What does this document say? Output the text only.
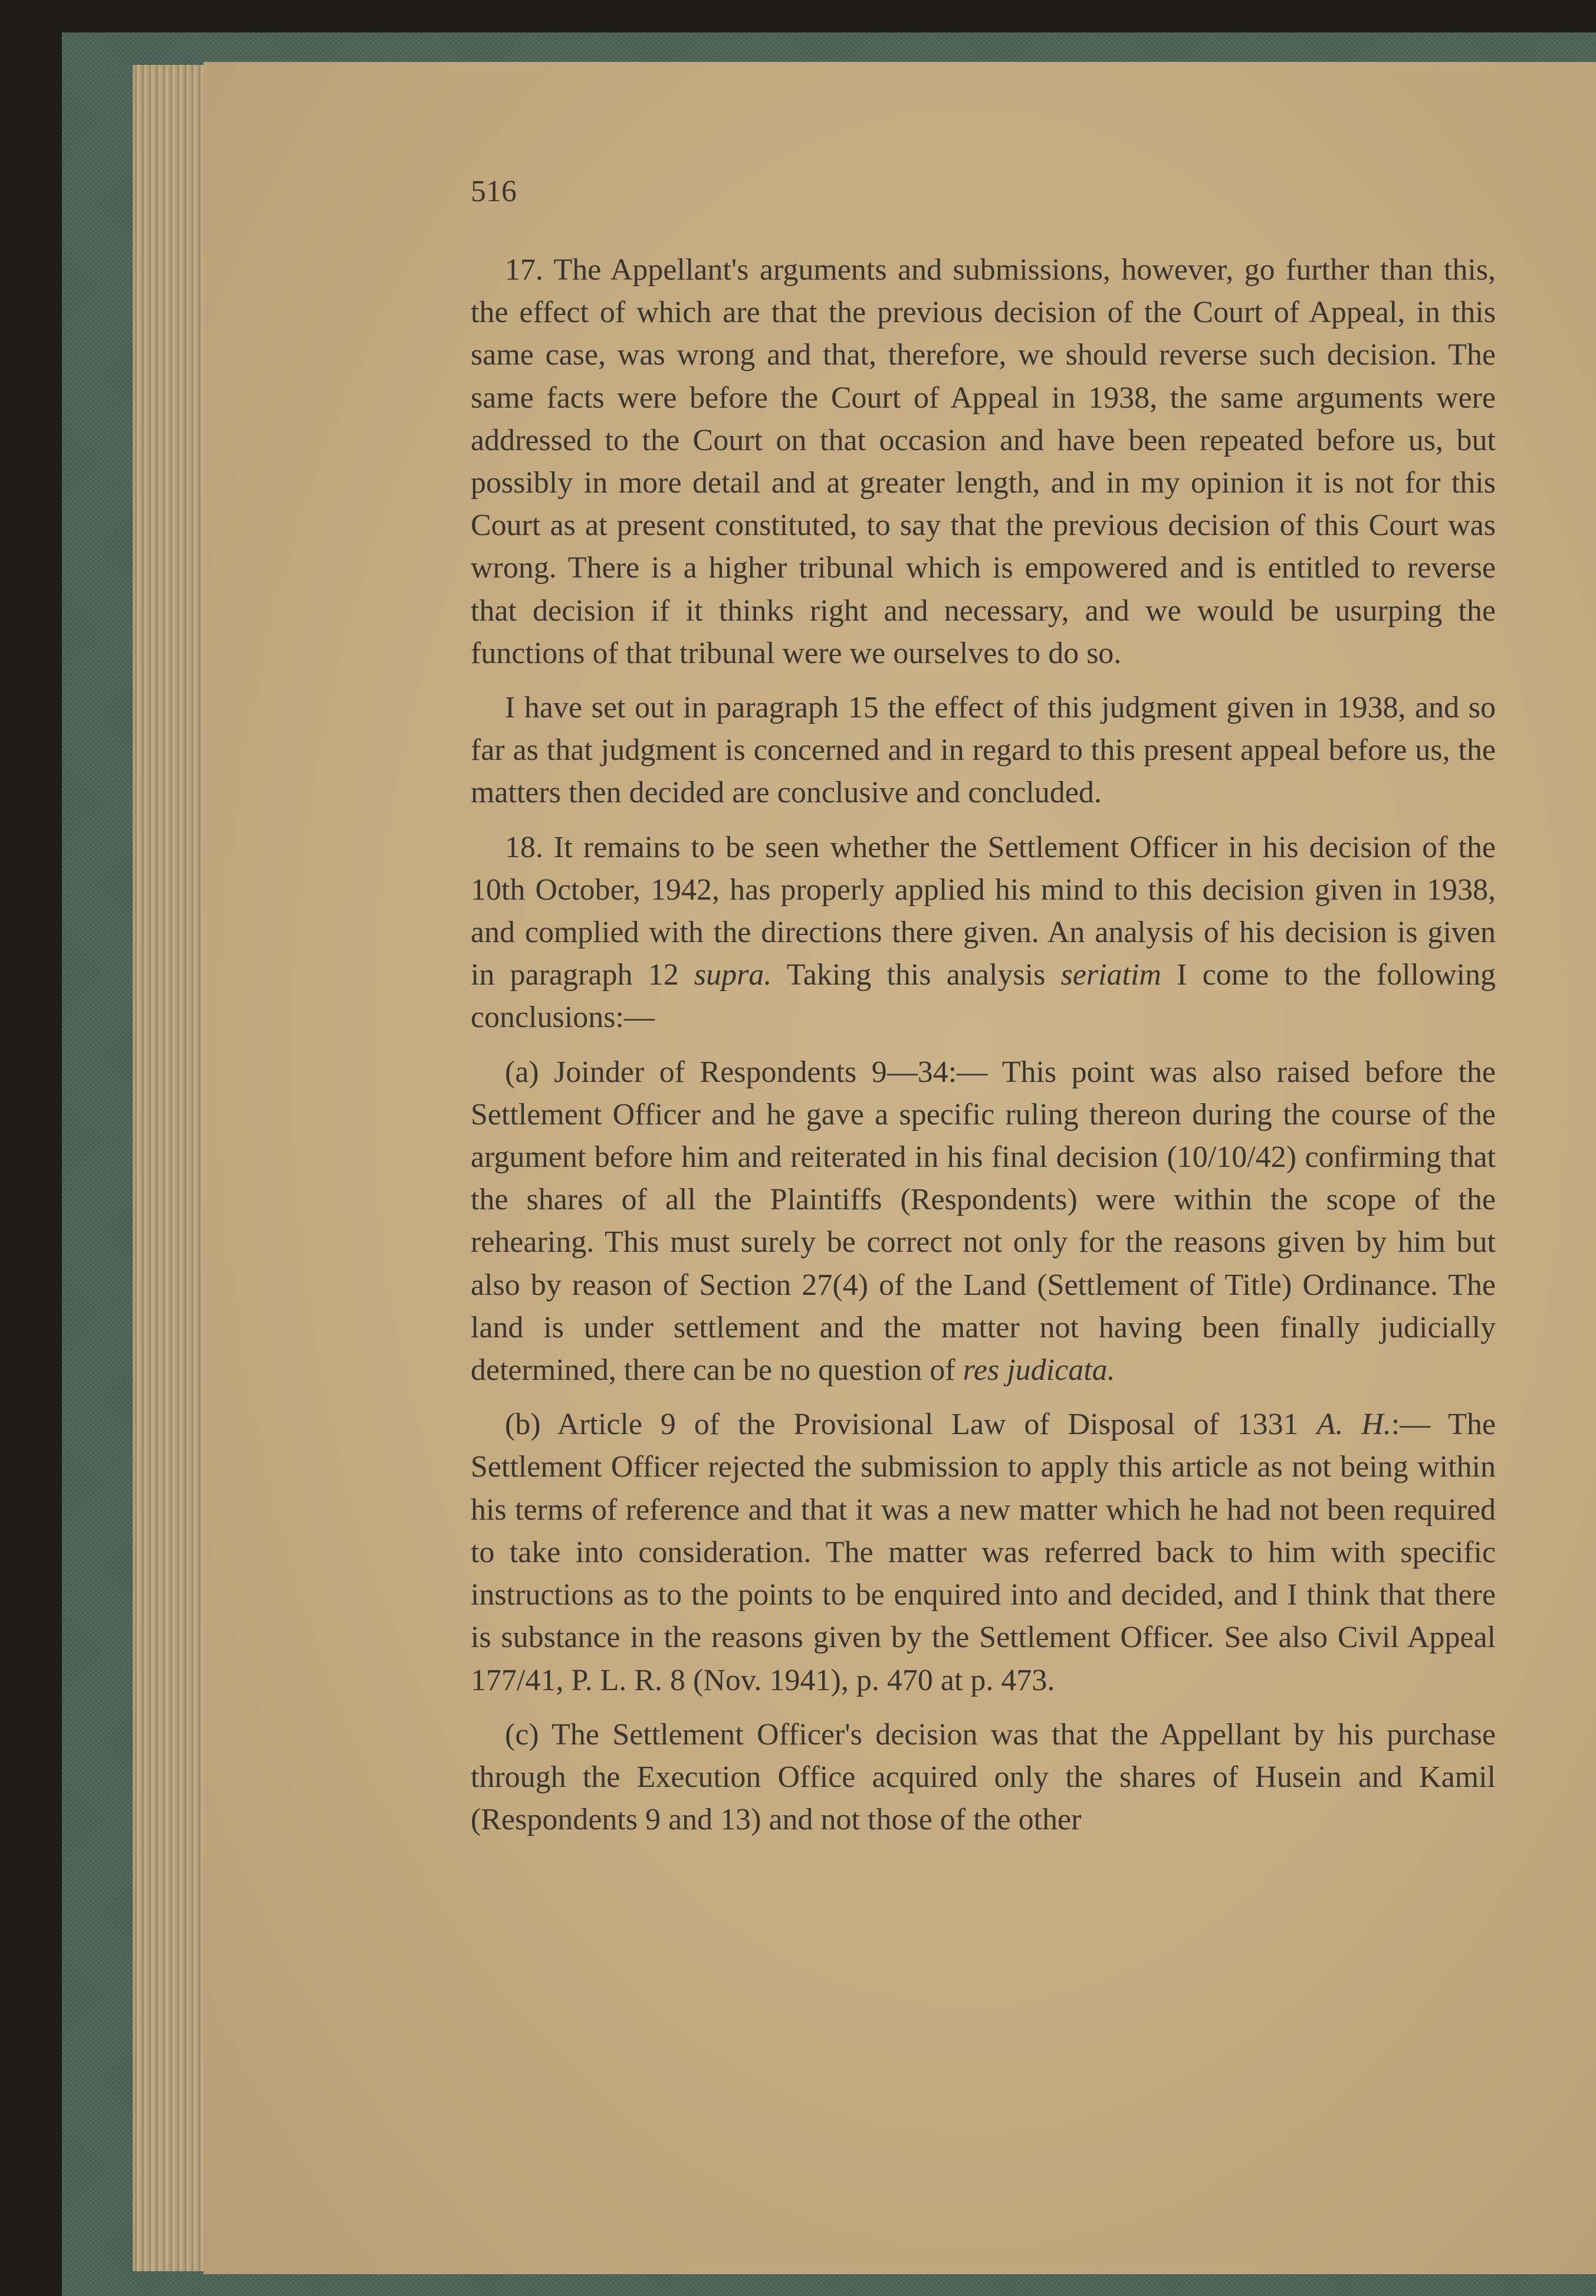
516

17. The Appellant's arguments and submissions, however, go further than this, the effect of which are that the previous decision of the Court of Appeal, in this same case, was wrong and that, therefore, we should reverse such decision. The same facts were before the Court of Appeal in 1938, the same arguments were addressed to the Court on that occasion and have been repeated before us, but possibly in more detail and at greater length, and in my opinion it is not for this Court as at present constituted, to say that the previous decision of this Court was wrong. There is a higher tribunal which is empowered and is entitled to reverse that decision if it thinks right and necessary, and we would be usurping the functions of that tribunal were we ourselves to do so.

I have set out in paragraph 15 the effect of this judgment given in 1938, and so far as that judgment is concerned and in regard to this present appeal before us, the matters then decided are conclusive and concluded.

18. It remains to be seen whether the Settlement Officer in his decision of the 10th October, 1942, has properly applied his mind to this decision given in 1938, and complied with the directions there given. An analysis of his decision is given in paragraph 12 supra. Taking this analysis seriatim I come to the following conclusions:—

(a) Joinder of Respondents 9—34:— This point was also raised before the Settlement Officer and he gave a specific ruling thereon during the course of the argument before him and reiterated in his final decision (10/10/42) confirming that the shares of all the Plaintiffs (Respondents) were within the scope of the rehearing. This must surely be correct not only for the reasons given by him but also by reason of Section 27(4) of the Land (Settlement of Title) Ordinance. The land is under settlement and the matter not having been finally judicially determined, there can be no question of res judicata.

(b) Article 9 of the Provisional Law of Disposal of 1331 A. H.:— The Settlement Officer rejected the submission to apply this article as not being within his terms of reference and that it was a new matter which he had not been required to take into consideration. The matter was referred back to him with specific instructions as to the points to be enquired into and decided, and I think that there is substance in the reasons given by the Settlement Officer. See also Civil Appeal 177/41, P. L. R. 8 (Nov. 1941), p. 470 at p. 473.

(c) The Settlement Officer's decision was that the Appellant by his purchase through the Execution Office acquired only the shares of Husein and Kamil (Respondents 9 and 13) and not those of the other
